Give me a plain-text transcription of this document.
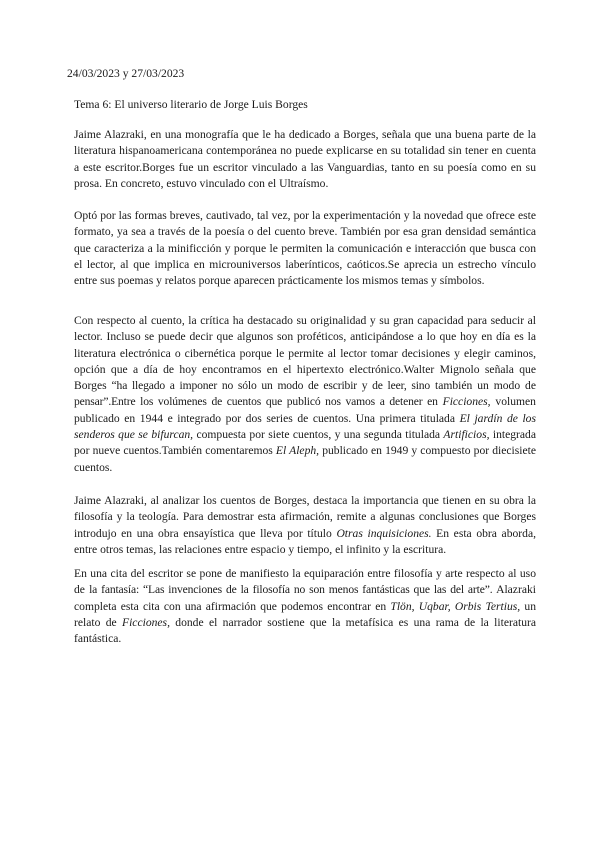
24/03/2023 y 27/03/2023
Tema 6: El universo literario de Jorge Luis Borges

Jaime Alazraki, en una monografía que le ha dedicado a Borges, señala que una buena parte de la literatura hispanoamericana contemporánea no puede explicarse en su totalidad sin tener en cuenta a este escritor.Borges fue un escritor vinculado a las Vanguardias, tanto en su poesía como en su prosa. En concreto, estuvo vinculado con el Ultraísmo.

Optó por las formas breves, cautivado, tal vez, por la experimentación y la novedad que ofrece este formato, ya sea a través de la poesía o del cuento breve. También por esa gran densidad semántica que caracteriza a la minificción y porque le permiten la comunicación e interacción que busca con el lector, al que implica en microuniversos laberínticos, caóticos.Se aprecia un estrecho vínculo entre sus poemas y relatos porque aparecen prácticamente los mismos temas y símbolos.

Con respecto al cuento, la crítica ha destacado su originalidad y su gran capacidad para seducir al lector. Incluso se puede decir que algunos son proféticos, anticipándose a lo que hoy en día es la literatura electrónica o cibernética porque le permite al lector tomar decisiones y elegir caminos, opción que a día de hoy encontramos en el hipertexto electrónico.Walter Mignolo señala que Borges “ha llegado a imponer no sólo un modo de escribir y de leer, sino también un modo de pensar”.Entre los volúmenes de cuentos que publicó nos vamos a detener en Ficciones, volumen publicado en 1944 e integrado por dos series de cuentos. Una primera titulada El jardín de los senderos que se bifurcan, compuesta por siete cuentos, y una segunda titulada Artificios, integrada por nueve cuentos.También comentaremos El Aleph, publicado en 1949 y compuesto por diecisiete cuentos.

Jaime Alazraki, al analizar los cuentos de Borges, destaca la importancia que tienen en su obra la filosofía y la teología. Para demostrar esta afirmación, remite a algunas conclusiones que Borges introdujo en una obra ensayística que lleva por título Otras inquisiciones. En esta obra aborda, entre otros temas, las relaciones entre espacio y tiempo, el infinito y la escritura.

En una cita del escritor se pone de manifiesto la equiparación entre filosofía y arte respecto al uso de la fantasía: “Las invenciones de la filosofía no son menos fantásticas que las del arte”. Alazraki completa esta cita con una afirmación que podemos encontrar en Tlön, Uqbar, Orbis Tertius, un relato de Ficciones, donde el narrador sostiene que la metafísica es una rama de la literatura fantástica.
